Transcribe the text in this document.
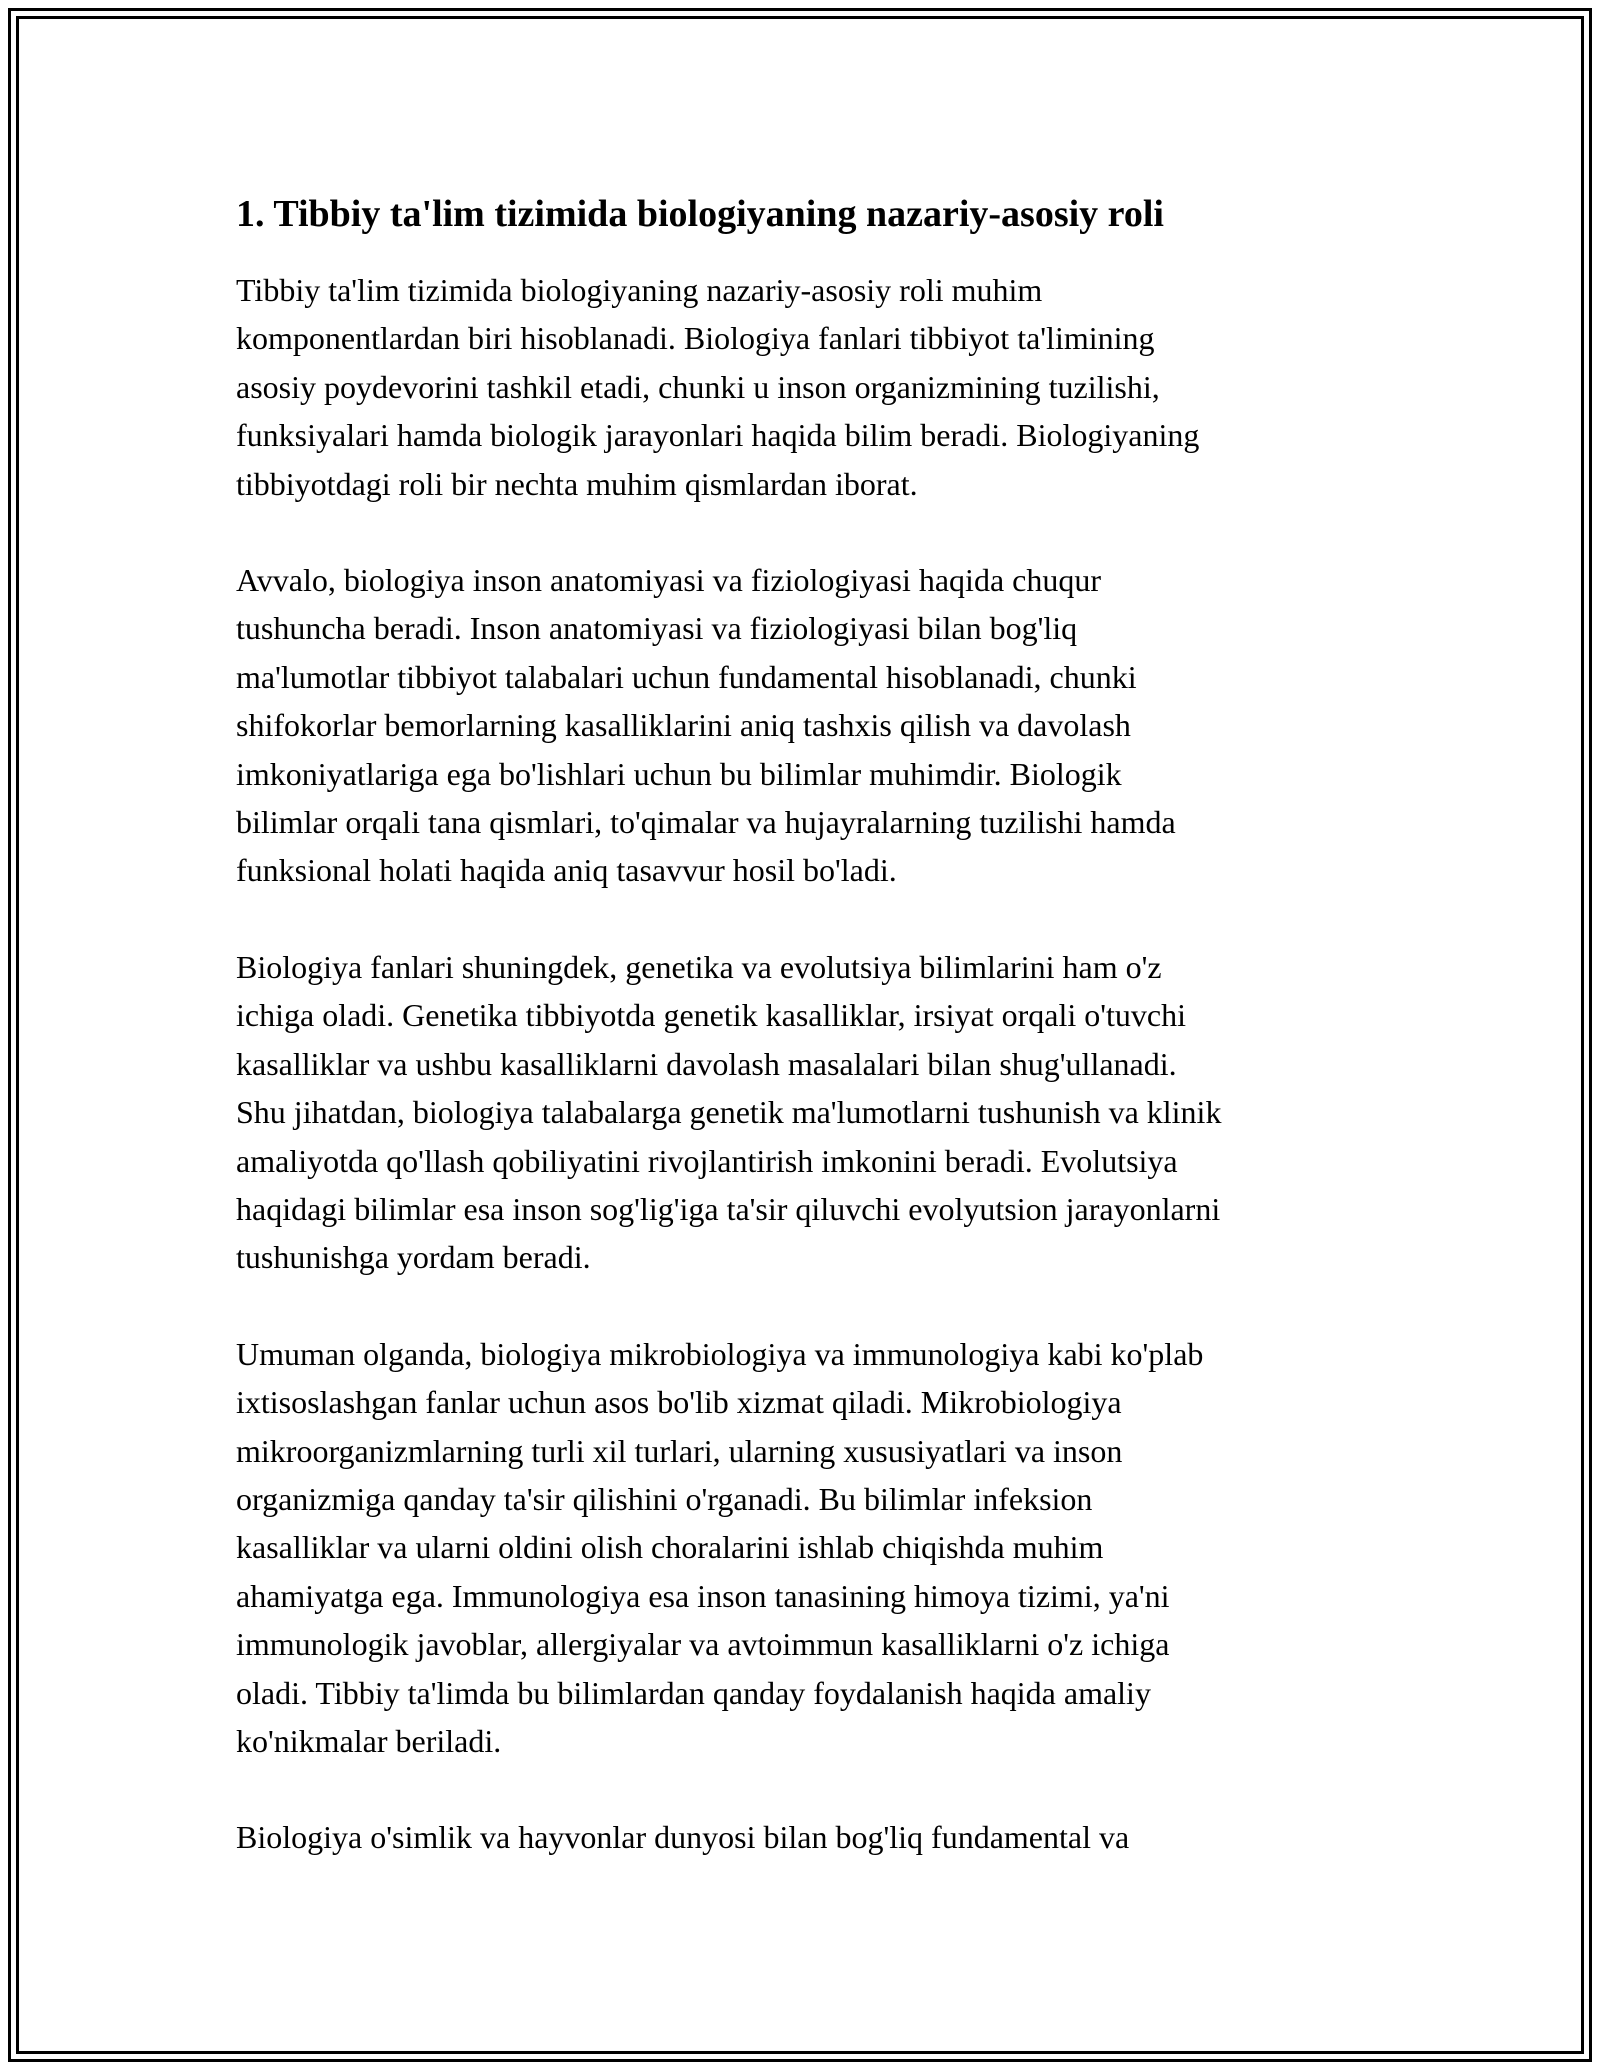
1. Tibbiy ta'lim tizimida biologiyaning nazariy-asosiy roli

Tibbiy ta'lim tizimida biologiyaning nazariy-asosiy roli muhim
komponentlardan biri hisoblanadi. Biologiya fanlari tibbiyot ta'limining
asosiy poydevorini tashkil etadi, chunki u inson organizmining tuzilishi,
funksiyalari hamda biologik jarayonlari haqida bilim beradi. Biologiyaning
tibbiyotdagi roli bir nechta muhim qismlardan iborat.

Avvalo, biologiya inson anatomiyasi va fiziologiyasi haqida chuqur
tushuncha beradi. Inson anatomiyasi va fiziologiyasi bilan bog'liq
ma'lumotlar tibbiyot talabalari uchun fundamental hisoblanadi, chunki
shifokorlar bemorlarning kasalliklarini aniq tashxis qilish va davolash
imkoniyatlariga ega bo'lishlari uchun bu bilimlar muhimdir. Biologik
bilimlar orqali tana qismlari, to'qimalar va hujayralarning tuzilishi hamda
funksional holati haqida aniq tasavvur hosil bo'ladi.

Biologiya fanlari shuningdek, genetika va evolutsiya bilimlarini ham o'z
ichiga oladi. Genetika tibbiyotda genetik kasalliklar, irsiyat orqali o'tuvchi
kasalliklar va ushbu kasalliklarni davolash masalalari bilan shug'ullanadi.
Shu jihatdan, biologiya talabalarga genetik ma'lumotlarni tushunish va klinik
amaliyotda qo'llash qobiliyatini rivojlantirish imkonini beradi. Evolutsiya
haqidagi bilimlar esa inson sog'lig'iga ta'sir qiluvchi evolyutsion jarayonlarni
tushunishga yordam beradi.

Umuman olganda, biologiya mikrobiologiya va immunologiya kabi ko'plab
ixtisoslashgan fanlar uchun asos bo'lib xizmat qiladi. Mikrobiologiya
mikroorganizmlarning turli xil turlari, ularning xususiyatlari va inson
organizmiga qanday ta'sir qilishini o'rganadi. Bu bilimlar infeksion
kasalliklar va ularni oldini olish choralarini ishlab chiqishda muhim
ahamiyatga ega. Immunologiya esa inson tanasining himoya tizimi, ya'ni
immunologik javoblar, allergiyalar va avtoimmun kasalliklarni o'z ichiga
oladi. Tibbiy ta'limda bu bilimlardan qanday foydalanish haqida amaliy
ko'nikmalar beriladi.

Biologiya o'simlik va hayvonlar dunyosi bilan bog'liq fundamental va
